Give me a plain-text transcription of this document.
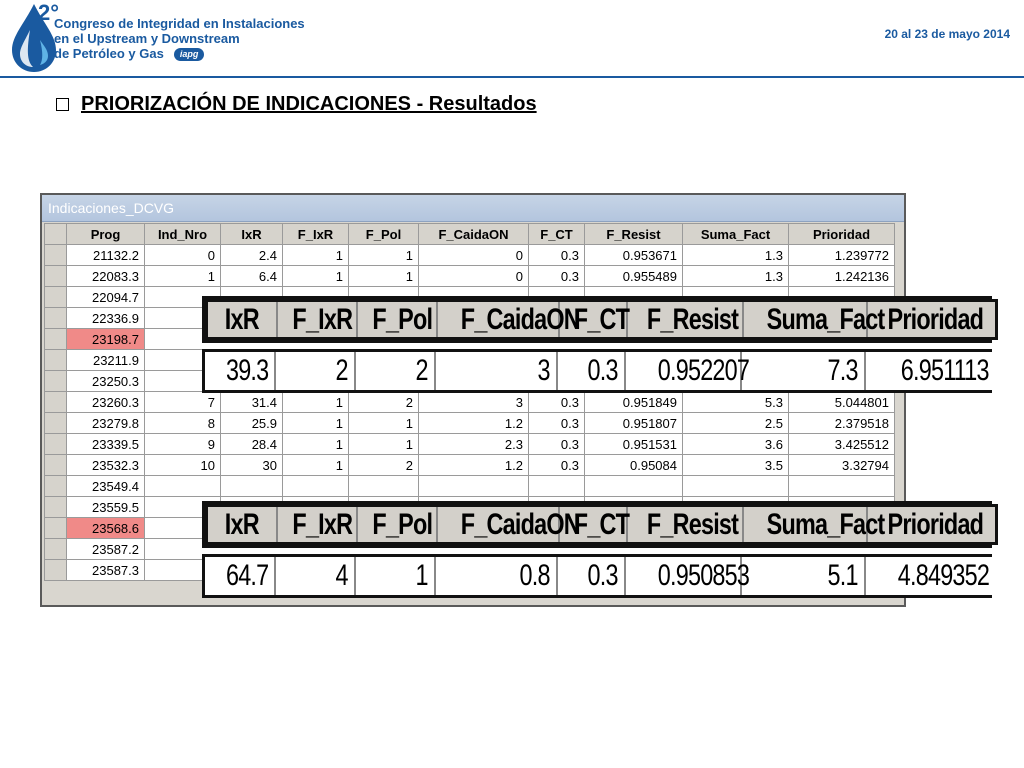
2°
Congreso de Integridad en Instalaciones
en el Upstream y Downstream
de Petróleo y Gas iapg
20 al 23 de mayo 2014
PRIORIZACIÓN DE INDICACIONES - Resultados
Indicaciones_DCVG
	Prog	Ind_Nro	IxR	F_IxR	F_Pol	F_CaidaON	F_CT	F_Resist	Suma_Fact	Prioridad
	21132.2	0	2.4	1	1	0	0.3	0.953671	1.3	1.239772
	22083.3	1	6.4	1	1	0	0.3	0.955489	1.3	1.242136
	22094.7									
	22336.9									
	23198.7									
	23211.9									
	23250.3									
	23260.3	7	31.4	1	2	3	0.3	0.951849	5.3	5.044801
	23279.8	8	25.9	1	1	1.2	0.3	0.951807	2.5	2.379518
	23339.5	9	28.4	1	1	2.3	0.3	0.951531	3.6	3.425512
	23532.3	10	30	1	2	1.2	0.3	0.95084	3.5	3.32794
	23549.4									
	23559.5									
	23568.6									
	23587.2									
	23587.3									
IxR	F_IxR	F_Pol	F_CaidaON	F_CT	F_Resist	Suma_Fact	Prioridad
39.3	2	2	3	0.3	0.952207	7.3	6.951113
IxR	F_IxR	F_Pol	F_CaidaON	F_CT	F_Resist	Suma_Fact	Prioridad
64.7	4	1	0.8	0.3	0.950853	5.1	4.849352
